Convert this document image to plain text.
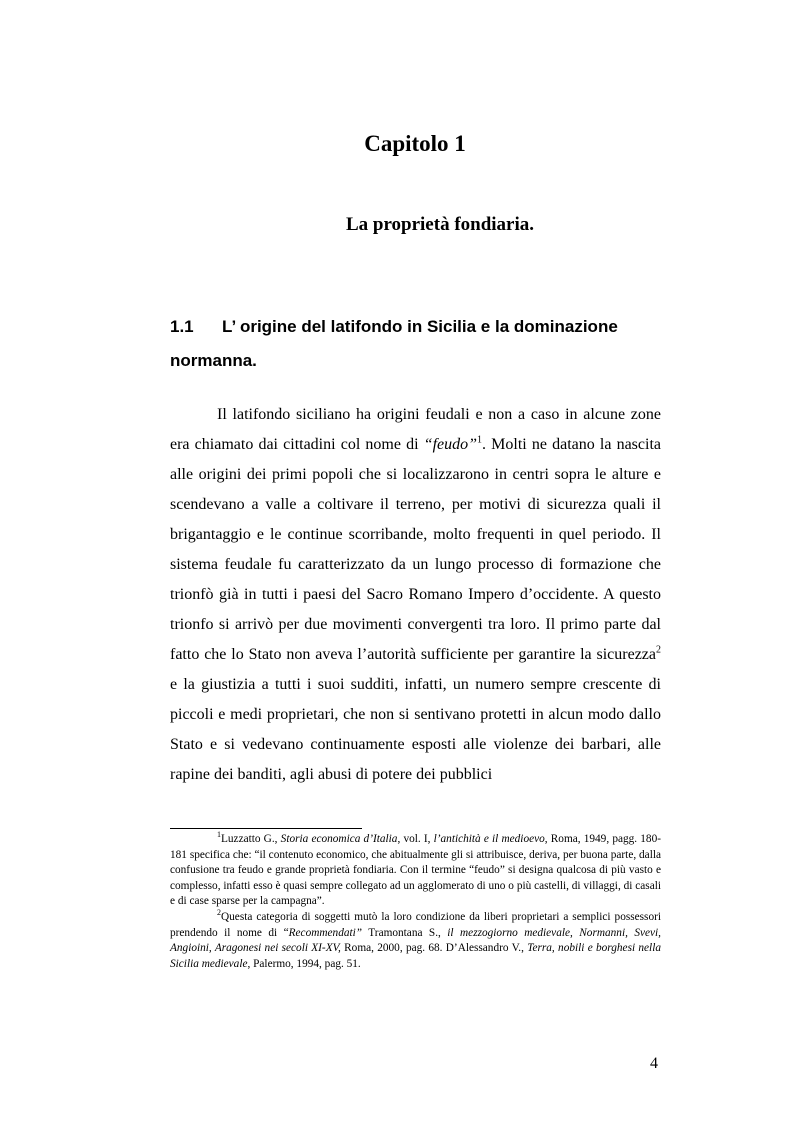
Capitolo 1
La proprietà fondiaria.
1.1 L’ origine del latifondo in Sicilia e la dominazione normanna.

Il latifondo siciliano ha origini feudali e non a caso in alcune zone era chiamato dai cittadini col nome di “feudo”$^1$. Molti ne datano la nascita alle origini dei primi popoli che si localizzarono in centri sopra le alture e scendevano a valle a coltivare il terreno, per motivi di sicurezza quali il brigantaggio e le continue scorribande, molto frequenti in quel periodo. Il sistema feudale fu caratterizzato da un lungo processo di formazione che trionfò già in tutti i paesi del Sacro Romano Impero d’occidente. A questo trionfo si arrivò per due movimenti convergenti tra loro. Il primo parte dal fatto che lo Stato non aveva l’autorità sufficiente per garantire la sicurezza$^2$ e la giustizia a tutti i suoi sudditi, infatti, un numero sempre crescente di piccoli e medi proprietari, che non si sentivano protetti in alcun modo dallo Stato e si vedevano continuamente esposti alle violenze dei barbari, alle rapine dei banditi, agli abusi di potere dei pubblici

$^1$Luzzatto G., Storia economica d’Italia, vol. I, l’antichità e il medioevo, Roma, 1949, pagg. 180-181 specifica che: “il contenuto economico, che abitualmente gli si attribuisce, deriva, per buona parte, dalla confusione tra feudo e grande proprietà fondiaria. Con il termine “feudo” si designa qualcosa di più vasto e complesso, infatti esso è quasi sempre collegato ad un agglomerato di uno o più castelli, di villaggi, di casali e di case sparse per la campagna”.

$^2$Questa categoria di soggetti mutò la loro condizione da liberi proprietari a semplici possessori prendendo il nome di “Recommendati” Tramontana S., il mezzogiorno medievale, Normanni, Svevi, Angioini, Aragonesi nei secoli XI-XV, Roma, 2000, pag. 68. D’Alessandro V., Terra, nobili e borghesi nella Sicilia medievale, Palermo, 1994, pag. 51.

4
